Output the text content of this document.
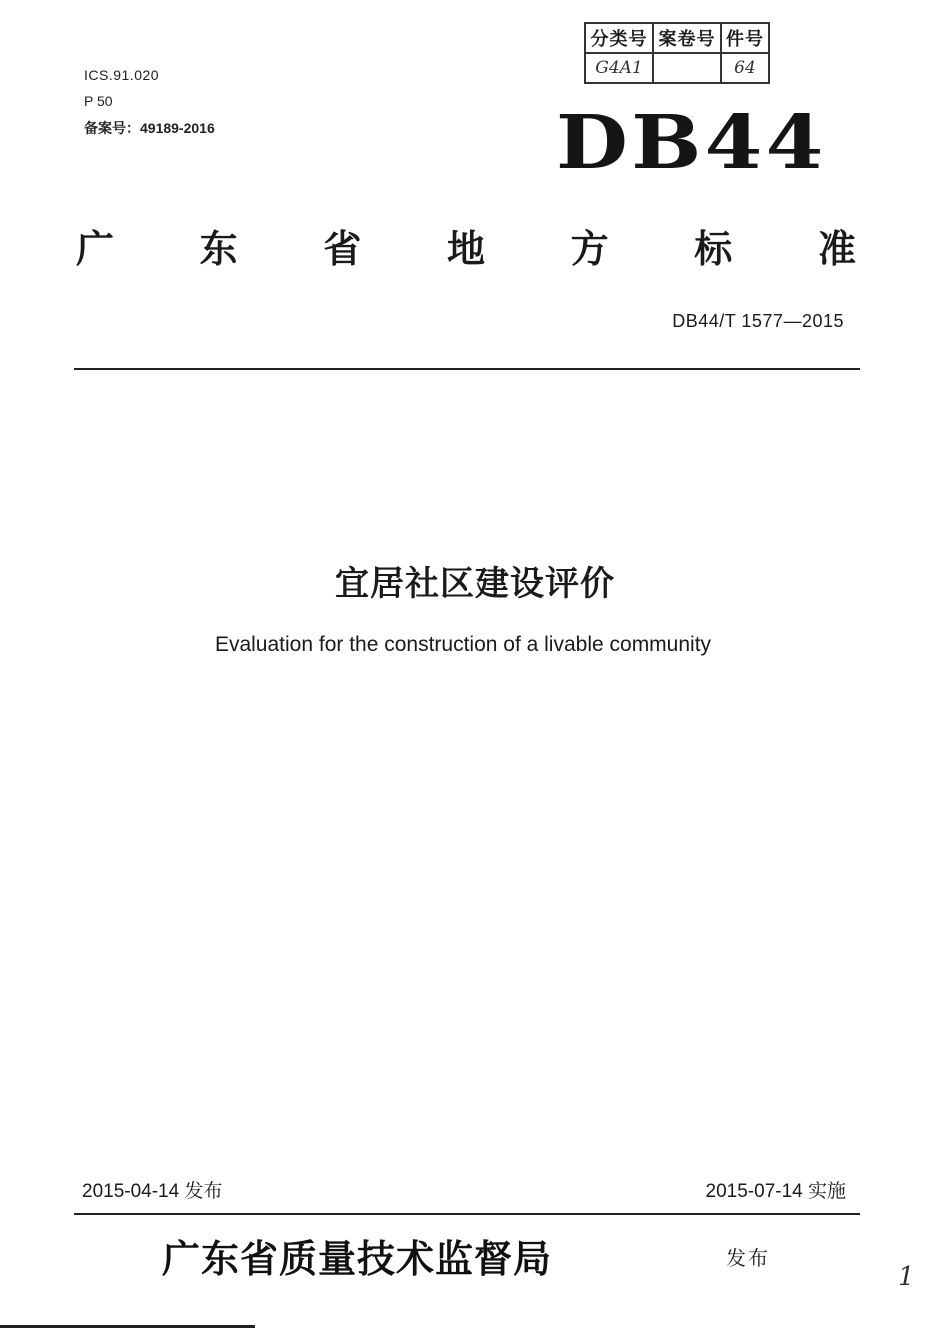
ICS.91.020
P 50
备案号：49189-2016
分类号	案卷号	件号
G4A1		64
DB44
广 东 省 地 方 标 准
DB44/T 1577—2015
宜居社区建设评价
Evaluation for the construction of a livable community
2015-04-14 发布	2015-07-14 实施
广东省质量技术监督局	发布
1
